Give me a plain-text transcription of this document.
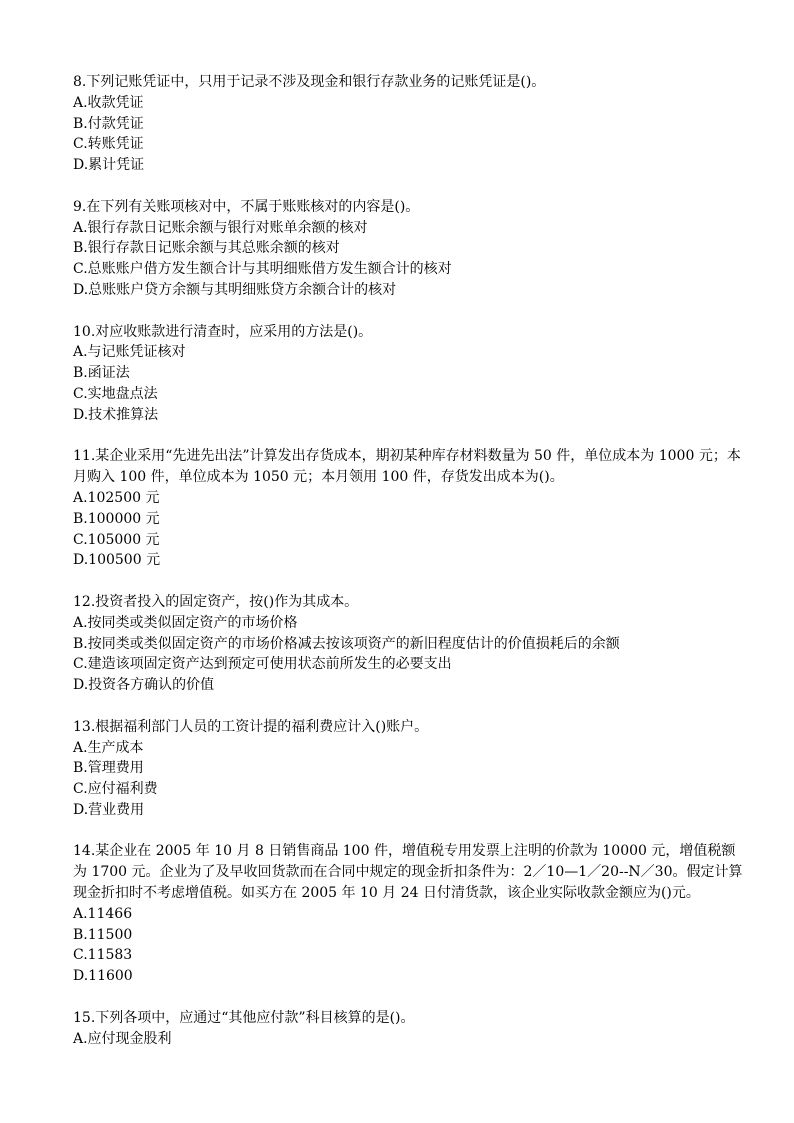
8.下列记账凭证中，只用于记录不涉及现金和银行存款业务的记账凭证是()。

A.收款凭证

B.付款凭证

C.转账凭证

D.累计凭证

9.在下列有关账项核对中，不属于账账核对的内容是()。

A.银行存款日记账余额与银行对账单余额的核对

B.银行存款日记账余额与其总账余额的核对

C.总账账户借方发生额合计与其明细账借方发生额合计的核对

D.总账账户贷方余额与其明细账贷方余额合计的核对

10.对应收账款进行清查时，应采用的方法是()。

A.与记账凭证核对

B.函证法

C.实地盘点法

D.技术推算法

11.某企业采用“先进先出法”计算发出存货成本，期初某种库存材料数量为 50 件，单位成本为 1000 元；本月购入 100 件，单位成本为 1050 元；本月领用 100 件，存货发出成本为()。

A.102500 元

B.100000 元

C.105000 元

D.100500 元

12.投资者投入的固定资产，按()作为其成本。

A.按同类或类似固定资产的市场价格

B.按同类或类似固定资产的市场价格减去按该项资产的新旧程度估计的价值损耗后的余额

C.建造该项固定资产达到预定可使用状态前所发生的必要支出

D.投资各方确认的价值

13.根据福利部门人员的工资计提的福利费应计入()账户。

A.生产成本

B.管理费用

C.应付福利费

D.营业费用

14.某企业在 2005 年 10 月 8 日销售商品 100 件，增值税专用发票上注明的价款为 10000 元，增值税额为 1700 元。企业为了及早收回货款而在合同中规定的现金折扣条件为：2／10—1／20--N／30。假定计算现金折扣时不考虑增值税。如买方在 2005 年 10 月 24 日付清货款，该企业实际收款金额应为()元。

A.11466

B.11500

C.11583

D.11600

15.下列各项中，应通过“其他应付款”科目核算的是()。

A.应付现金股利
